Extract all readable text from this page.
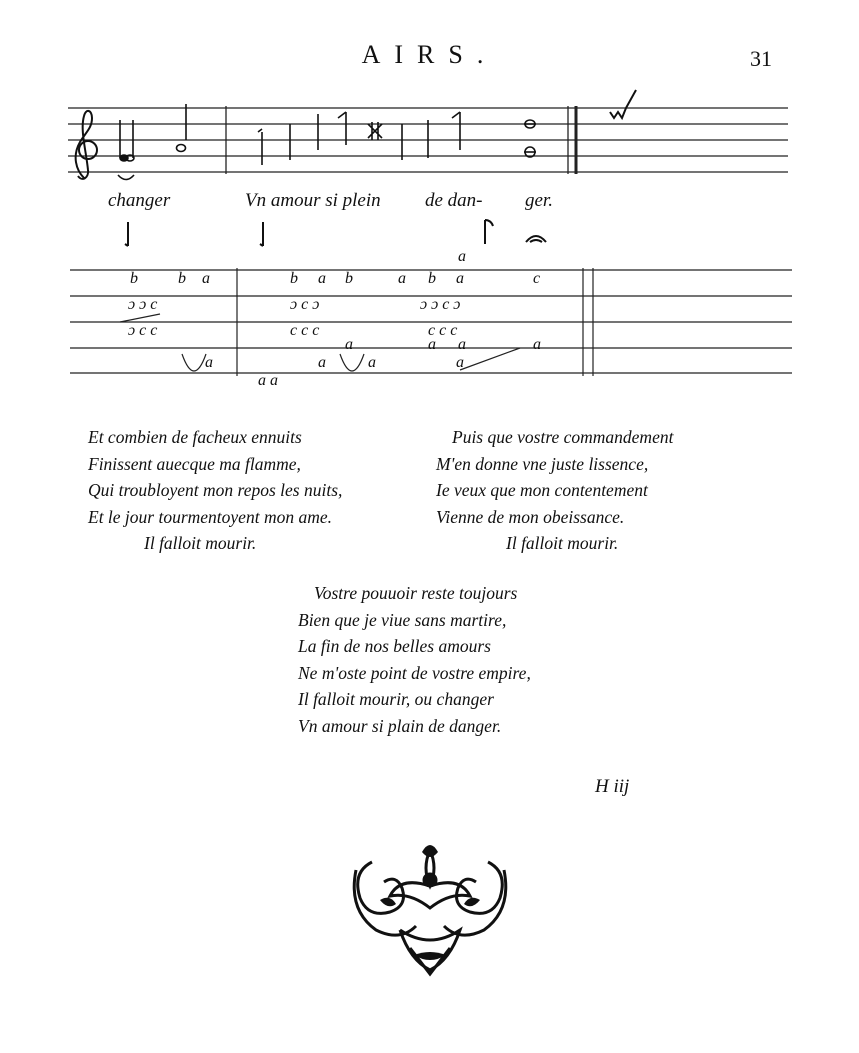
AIRS.	31
changer	Vn amour si plein de dan- ger.
b	b a	b a b	a b a	c
a
ɔ ɔ c	ɔ c ɔ	ɔ ɔ c ɔ
ɔ c c	c c c	c c c
a	a a	a
a	a	a	a
a a
Et combien de facheux ennuits
Finissent auecque ma flamme,
Qui troubloyent mon repos les nuits,
Et le jour tourmentoyent mon ame.
Il falloit mourir.
Puis que vostre commandement
M'en donne vne juste lissence,
Ie veux que mon contentement
Vienne de mon obeissance.
Il falloit mourir.
Vostre pouuoir reste toujours
Bien que je viue sans martire,
La fin de nos belles amours
Ne m'oste point de vostre empire,
Il falloit mourir, ou changer
Vn amour si plain de danger.
H iij
